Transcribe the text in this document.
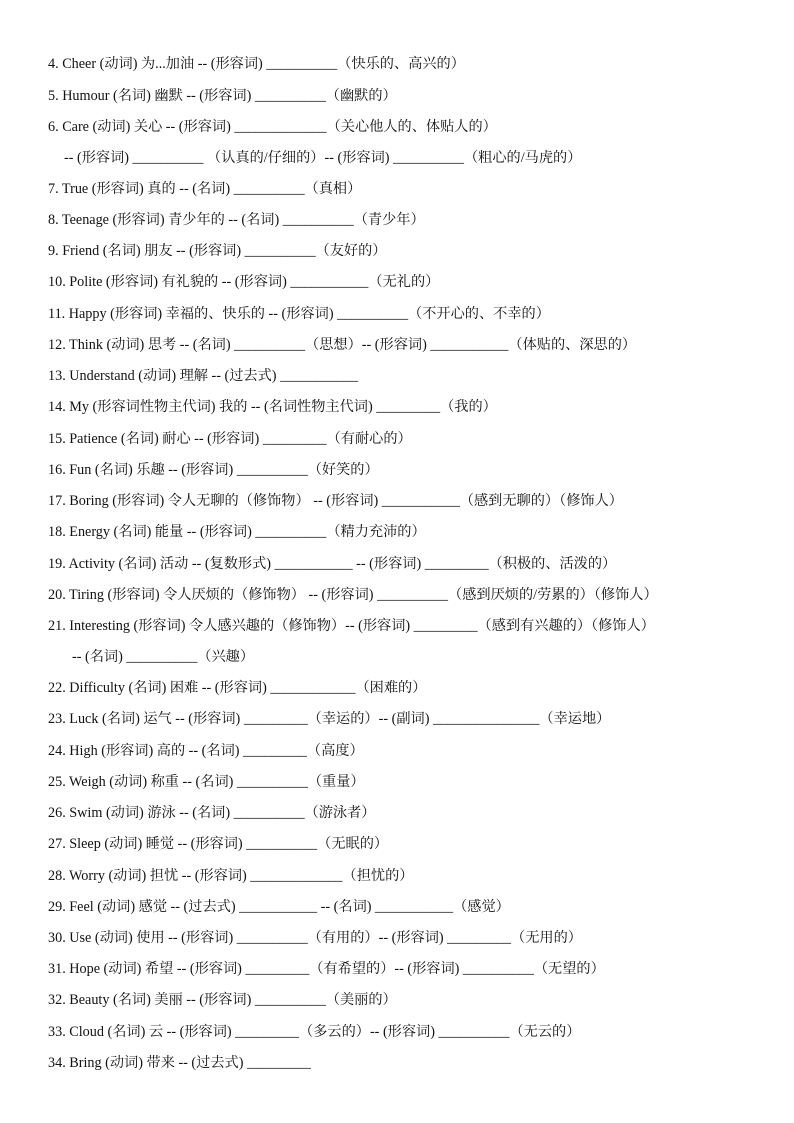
4. Cheer (动词) 为...加油 -- (形容词) __________（快乐的、高兴的）
5. Humour (名词) 幽默 -- (形容词) __________（幽默的）
6. Care (动词) 关心 -- (形容词) _____________（关心他人的、体贴人的）
-- (形容词) __________ （认真的/仔细的）-- (形容词) __________（粗心的/马虎的）
7. True (形容词) 真的 -- (名词) __________（真相）
8. Teenage (形容词) 青少年的 -- (名词) __________（青少年）
9. Friend (名词) 朋友 -- (形容词) __________（友好的）
10. Polite (形容词) 有礼貌的 -- (形容词) ___________（无礼的）
11. Happy (形容词) 幸福的、快乐的 -- (形容词) __________（不开心的、不幸的）
12. Think (动词) 思考 -- (名词) __________（思想）-- (形容词) ___________（体贴的、深思的）
13. Understand (动词) 理解 -- (过去式) ___________
14. My (形容词性物主代词) 我的 -- (名词性物主代词) _________（我的）
15. Patience (名词) 耐心 -- (形容词) _________（有耐心的）
16. Fun (名词) 乐趣 -- (形容词) __________（好笑的）
17. Boring (形容词) 令人无聊的（修饰物） -- (形容词) ___________（感到无聊的）（修饰人）
18. Energy (名词) 能量 -- (形容词) __________（精力充沛的）
19. Activity (名词) 活动 -- (复数形式) ___________ -- (形容词) _________（积极的、活泼的）
20. Tiring (形容词) 令人厌烦的（修饰物） -- (形容词) __________（感到厌烦的/劳累的）（修饰人）
21. Interesting (形容词) 令人感兴趣的（修饰物）-- (形容词) _________（感到有兴趣的）（修饰人）
-- (名词) __________（兴趣）
22. Difficulty (名词) 困难 -- (形容词) ____________（困难的）
23. Luck (名词) 运气 -- (形容词) _________（幸运的）-- (副词) _______________（幸运地）
24. High (形容词) 高的 -- (名词) _________（高度）
25. Weigh (动词) 称重 -- (名词) __________（重量）
26. Swim (动词) 游泳 -- (名词) __________（游泳者）
27. Sleep (动词) 睡觉 -- (形容词) __________（无眠的）
28. Worry (动词) 担忧 -- (形容词) _____________（担忧的）
29. Feel (动词) 感觉 -- (过去式) ___________ -- (名词) ___________（感觉）
30. Use (动词) 使用 -- (形容词) __________（有用的）-- (形容词) _________（无用的）
31. Hope (动词) 希望 -- (形容词) _________（有希望的）-- (形容词) __________（无望的）
32. Beauty (名词) 美丽 -- (形容词) __________（美丽的）
33. Cloud (名词) 云 -- (形容词) _________（多云的）-- (形容词) __________（无云的）
34. Bring (动词) 带来 -- (过去式) _________
